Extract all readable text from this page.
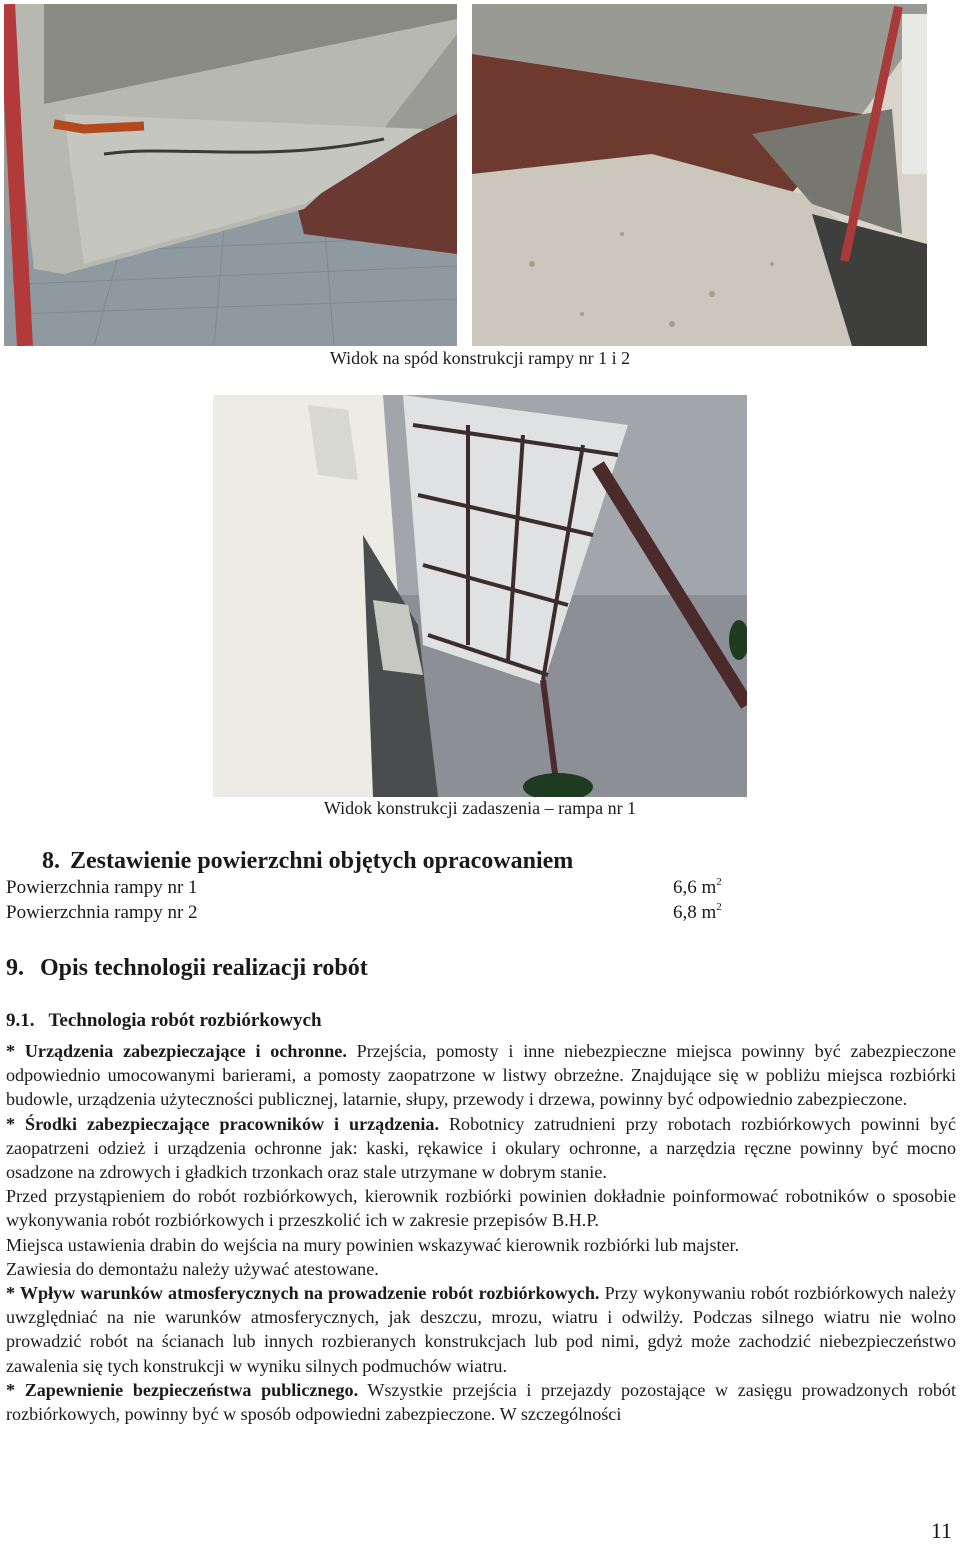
Widok na spód konstrukcji rampy nr 1 i 2
Widok konstrukcji zadaszenia – rampa nr 1
8. Zestawienie powierzchni objętych opracowaniem
Powierzchnia rampy nr 1	6,6 $m^2$
Powierzchnia rampy nr 2	6,8 $m^2$
9. Opis technologii realizacji robót
9.1. Technologia robót rozbiórkowych

* Urządzenia zabezpieczające i ochronne. Przejścia, pomosty i inne niebezpieczne miejsca powinny być zabezpieczone odpowiednio umocowanymi barierami, a pomosty zaopatrzone w listwy obrzeżne. Znajdujące się w pobliżu miejsca rozbiórki budowle, urządzenia użyteczności publicznej, latarnie, słupy, przewody i drzewa, powinny być odpowiednio zabezpieczone.

* Środki zabezpieczające pracowników i urządzenia. Robotnicy zatrudnieni przy robotach rozbiórkowych powinni być zaopatrzeni odzież i urządzenia ochronne jak: kaski, rękawice i okulary ochronne, a narzędzia ręczne powinny być mocno osadzone na zdrowych i gładkich trzonkach oraz stale utrzymane w dobrym stanie.

Przed przystąpieniem do robót rozbiórkowych, kierownik rozbiórki powinien dokładnie poinformować robotników o sposobie wykonywania robót rozbiórkowych i przeszkolić ich w zakresie przepisów B.H.P.

Miejsca ustawienia drabin do wejścia na mury powinien wskazywać kierownik rozbiórki lub majster.

Zawiesia do demontażu należy używać atestowane.

* Wpływ warunków atmosferycznych na prowadzenie robót rozbiórkowych. Przy wykonywaniu robót rozbiórkowych należy uwzględniać na nie warunków atmosferycznych, jak deszczu, mrozu, wiatru i odwilży. Podczas silnego wiatru nie wolno prowadzić robót na ścianach lub innych rozbieranych konstrukcjach lub pod nimi, gdyż może zachodzić niebezpieczeństwo zawalenia się tych konstrukcji w wyniku silnych podmuchów wiatru.

* Zapewnienie bezpieczeństwa publicznego. Wszystkie przejścia i przejazdy pozostające w zasięgu prowadzonych robót rozbiórkowych, powinny być w sposób odpowiedni zabezpieczone. W szczególności

11
